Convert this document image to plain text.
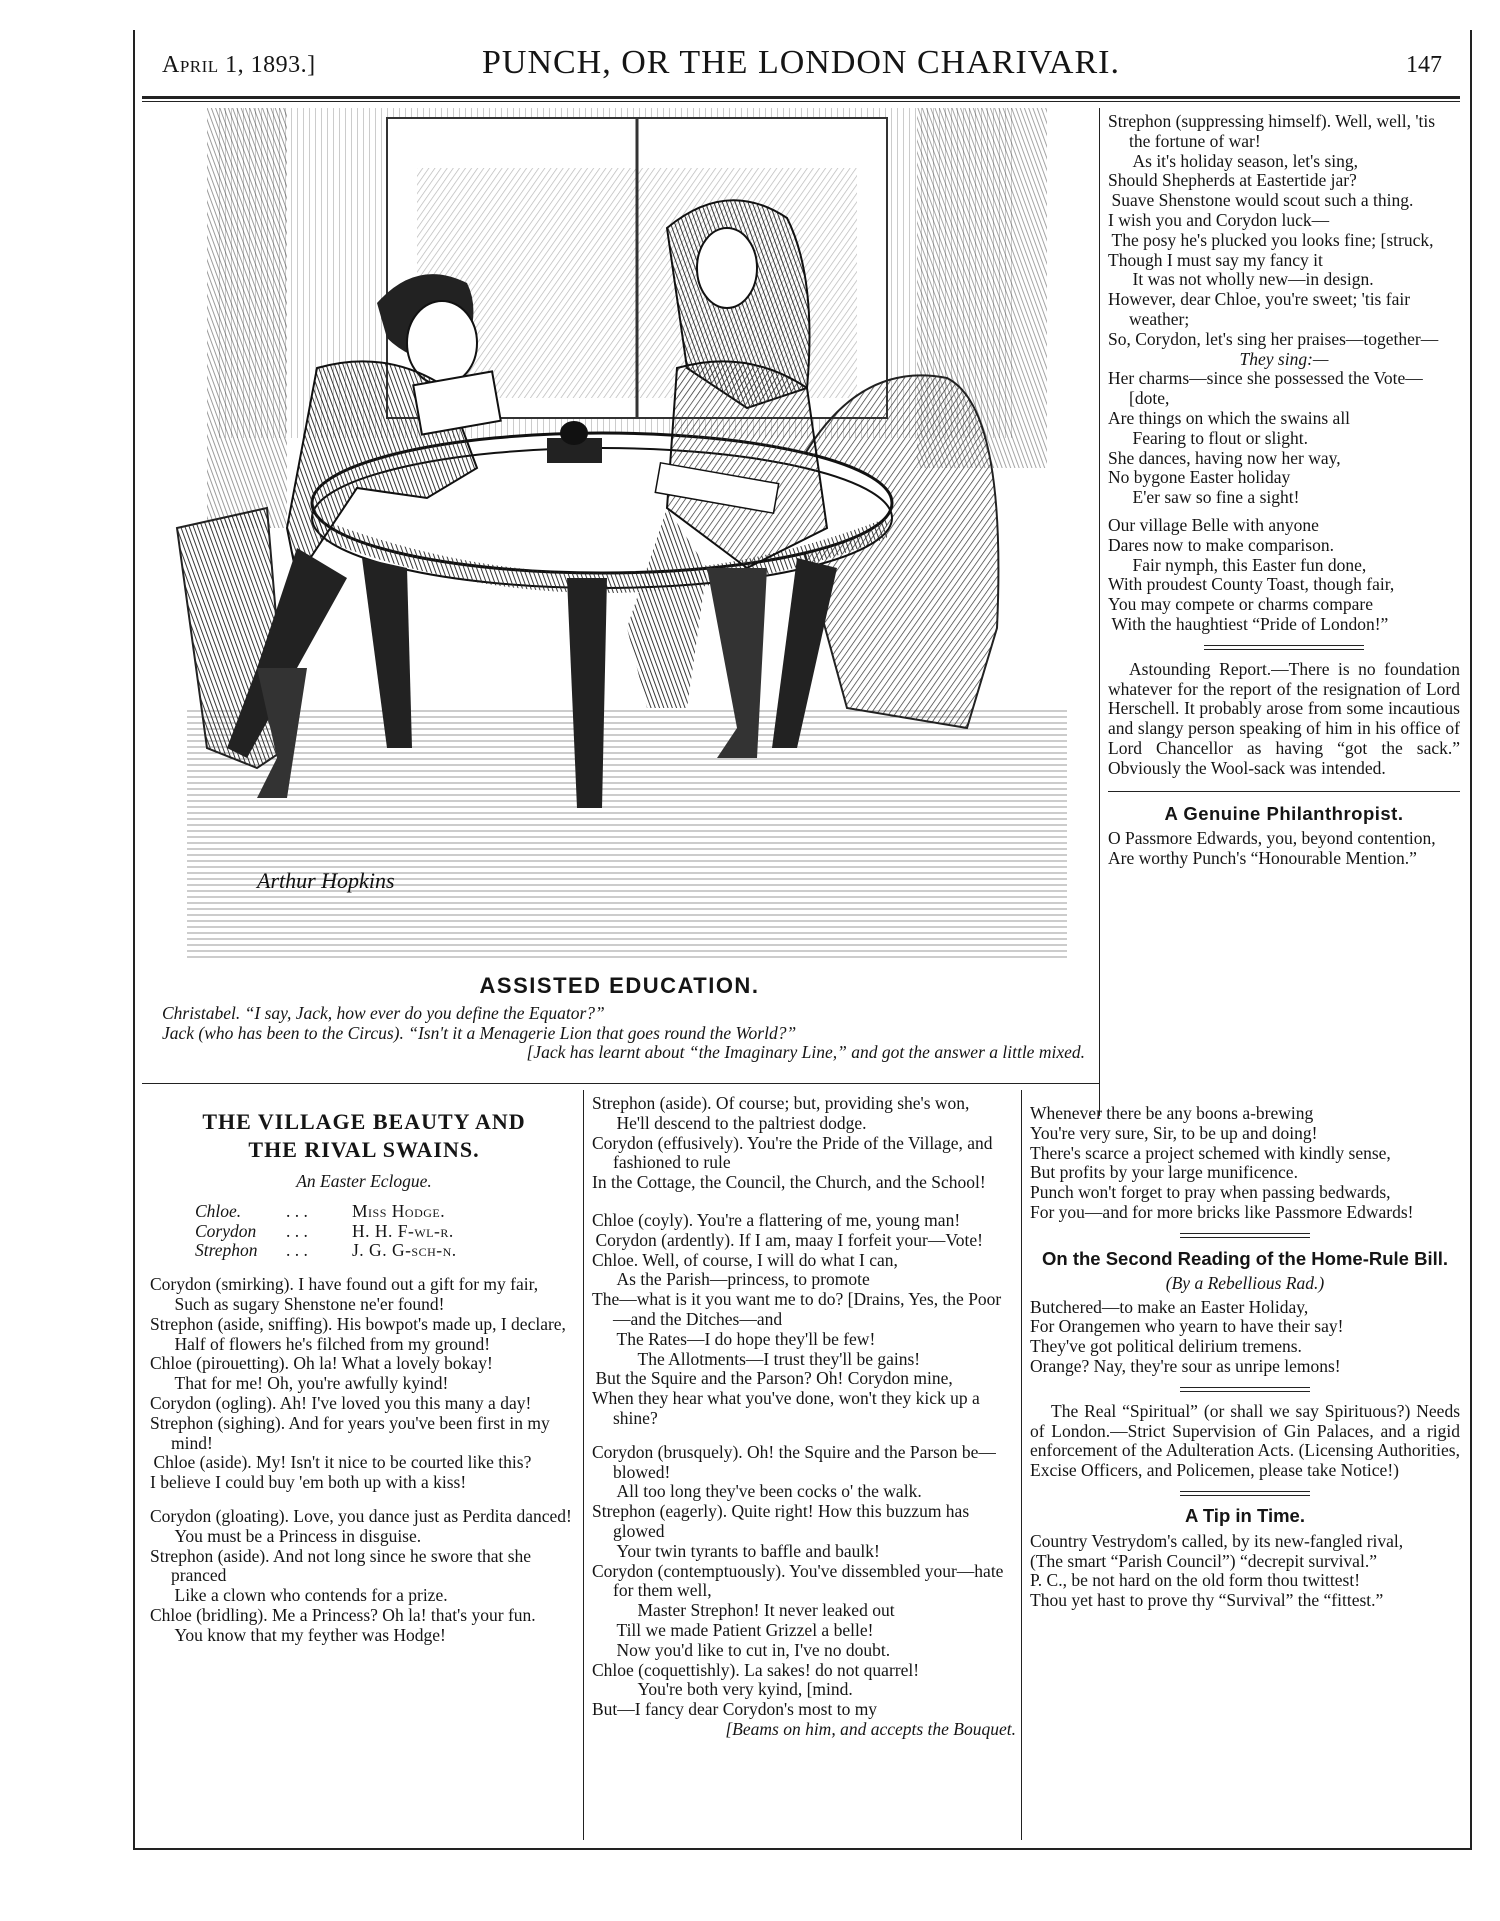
April 1, 1893.]	PUNCH, OR THE LONDON CHARIVARI.	147
Arthur Hopkins

ASSISTED EDUCATION.

Christabel. “I say, Jack, how ever do you define the Equator?”

Jack (who has been to the Circus). “Isn't it a Menagerie Lion that goes round the World?”

[Jack has learnt about “the Imaginary Line,” and got the answer a little mixed.

THE VILLAGE BEAUTY AND

THE RIVAL SWAINS.

An Easter Eclogue.

Chloe.	. . .	Miss Hodge.
Corydon	. . .	H. H. F-wl-r.
Strephon	. . .	J. G. G-sch-n.

Corydon (smirking). I have found out a gift for my fair,

Such as sugary Shenstone ne'er found!

Strephon (aside, sniffing). His bowpot's made up, I declare,

Half of flowers he's filched from my ground!

Chloe (pirouetting). Oh la! What a lovely bokay!

That for me! Oh, you're awfully kyind!

Corydon (ogling). Ah! I've loved you this many a day!

Strephon (sighing). And for years you've been first in my mind!

Chloe (aside). My! Isn't it nice to be courted like this?

I believe I could buy 'em both up with a kiss!

Corydon (gloating). Love, you dance just as Perdita danced!

You must be a Princess in disguise.

Strephon (aside). And not long since he swore that she pranced

Like a clown who contends for a prize.

Chloe (bridling). Me a Princess? Oh la! that's your fun.

You know that my feyther was Hodge!

Strephon (aside). Of course; but, providing she's won,

He'll descend to the paltriest dodge.

Corydon (effusively). You're the Pride of the Village, and fashioned to rule

In the Cottage, the Council, the Church, and the School!

Chloe (coyly). You're a flattering of me, young man!

Corydon (ardently). If I am, maay I forfeit your—Vote!

Chloe. Well, of course, I will do what I can,

As the Parish—princess, to promote

The—what is it you want me to do? [Drains, Yes, the Poor—and the Ditches—and

The Rates—I do hope they'll be few!

The Allotments—I trust they'll be gains!

But the Squire and the Parson? Oh! Corydon mine,

When they hear what you've done, won't they kick up a shine?

Corydon (brusquely). Oh! the Squire and the Parson be—blowed!

All too long they've been cocks o' the walk.

Strephon (eagerly). Quite right! How this buzzum has glowed

Your twin tyrants to baffle and baulk!

Corydon (contemptuously). You've dissembled your—hate for them well,

Master Strephon! It never leaked out

Till we made Patient Grizzel a belle!

Now you'd like to cut in, I've no doubt.

Chloe (coquettishly). La sakes! do not quarrel!

You're both very kyind, [mind.

But—I fancy dear Corydon's most to my

[Beams on him, and accepts the Bouquet.

Strephon (suppressing himself). Well, well, 'tis the fortune of war!

As it's holiday season, let's sing,

Should Shepherds at Eastertide jar?

Suave Shenstone would scout such a thing.

I wish you and Corydon luck—

The posy he's plucked you looks fine; [struck,

Though I must say my fancy it

It was not wholly new—in design.

However, dear Chloe, you're sweet; 'tis fair weather;

So, Corydon, let's sing her praises—together—

They sing:—

Her charms—since she possessed the Vote— [dote,

Are things on which the swains all

Fearing to flout or slight.

She dances, having now her way,

No bygone Easter holiday

E'er saw so fine a sight!

Our village Belle with anyone

Dares now to make comparison.

Fair nymph, this Easter fun done,

With proudest County Toast, though fair,

You may compete or charms compare

With the haughtiest “Pride of London!”

Astounding Report.—There is no foundation whatever for the report of the resignation of Lord Herschell. It probably arose from some incautious and slangy person speaking of him in his office of Lord Chancellor as having “got the sack.” Obviously the Wool-sack was intended.

A Genuine Philanthropist.

O Passmore Edwards, you, beyond contention,

Are worthy Punch's “Honourable Mention.”

Whenever there be any boons a-brewing

You're very sure, Sir, to be up and doing!

There's scarce a project schemed with kindly sense,

But profits by your large munificence.

Punch won't forget to pray when passing bedwards,

For you—and for more bricks like Passmore Edwards!

On the Second Reading of the Home-Rule Bill.

(By a Rebellious Rad.)

Butchered—to make an Easter Holiday,

For Orangemen who yearn to have their say!

They've got political delirium tremens.

Orange? Nay, they're sour as unripe lemons!

The Real “Spiritual” (or shall we say Spirituous?) Needs of London.—Strict Supervision of Gin Palaces, and a rigid enforcement of the Adulteration Acts. (Licensing Authorities, Excise Officers, and Policemen, please take Notice!)

A Tip in Time.

Country Vestrydom's called, by its new-fangled rival,

(The smart “Parish Council”) “decrepit survival.”

P. C., be not hard on the old form thou twittest!

Thou yet hast to prove thy “Survival” the “fittest.”
